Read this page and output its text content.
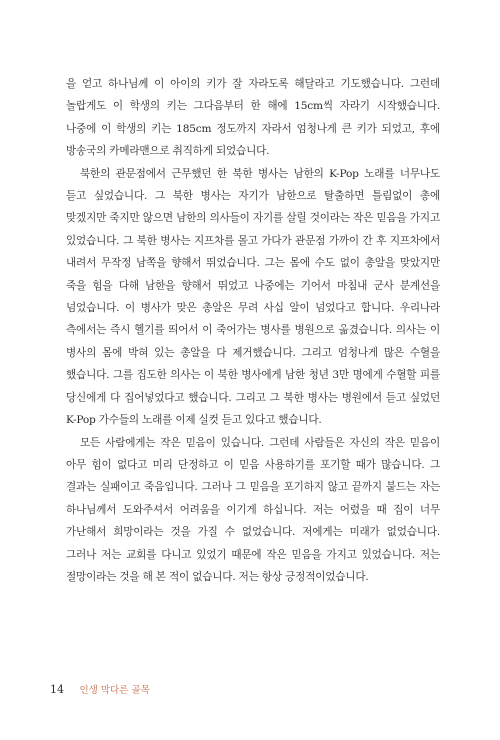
을 얻고 하나님께 이 아이의 키가 잘 자라도록 해달라고 기도했습니다. 그런데 놀랍게도 이 학생의 키는 그다음부터 한 해에 15cm씩 자라기 시작했습니다. 나중에 이 학생의 키는 185cm 정도까지 자라서 엄청나게 큰 키가 되었고, 후에 방송국의 카메라맨으로 취직하게 되었습니다.

북한의 관문점에서 근무했던 한 북한 병사는 남한의 K-Pop 노래를 너무나도 듣고 싶었습니다. 그 북한 병사는 자기가 남한으로 탈출하면 틀림없이 총에 맞겠지만 죽지만 않으면 남한의 의사들이 자기를 살릴 것이라는 작은 믿음을 가지고 있었습니다. 그 북한 병사는 지프차를 몰고 가다가 관문점 가까이 간 후 지프차에서 내려서 무작정 남쪽을 향해서 뛰었습니다. 그는 몸에 수도 없이 총알을 맞았지만 죽을 힘을 다해 남한을 향해서 뛰었고 나중에는 기어서 마침내 군사 분계선을 넘었습니다. 이 병사가 맞은 총알은 무려 사십 알이 넘었다고 합니다. 우리나라 측에서는 즉시 헬기를 띄어서 이 죽어가는 병사를 병원으로 옮겼습니다. 의사는 이 병사의 몸에 박혀 있는 총알을 다 제거했습니다. 그리고 엄청나게 많은 수혈을 했습니다. 그를 집도한 의사는 이 북한 병사에게 남한 청년 3만 명에게 수혈할 피를 당신에게 다 집어넣었다고 했습니다. 그리고 그 북한 병사는 병원에서 듣고 싶었던 K-Pop 가수들의 노래를 이제 실컷 듣고 있다고 했습니다.

모든 사람에게는 작은 믿음이 있습니다. 그런데 사람들은 자신의 작은 믿음이 아무 힘이 없다고 미리 단정하고 이 믿음 사용하기를 포기할 때가 많습니다. 그 결과는 실패이고 죽음입니다. 그러나 그 믿음을 포기하지 않고 끝까지 붙드는 자는 하나님께서 도와주셔서 어려움을 이기게 하십니다. 저는 어렸을 때 집이 너무 가난해서 희망이라는 것을 가질 수 없었습니다. 저에게는 미래가 없었습니다. 그러나 저는 교회를 다니고 있었기 때문에 작은 믿음을 가지고 있었습니다. 저는 절망이라는 것을 해 본 적이 없습니다. 저는 항상 긍정적이었습니다.

14 인생 막다른 골목
